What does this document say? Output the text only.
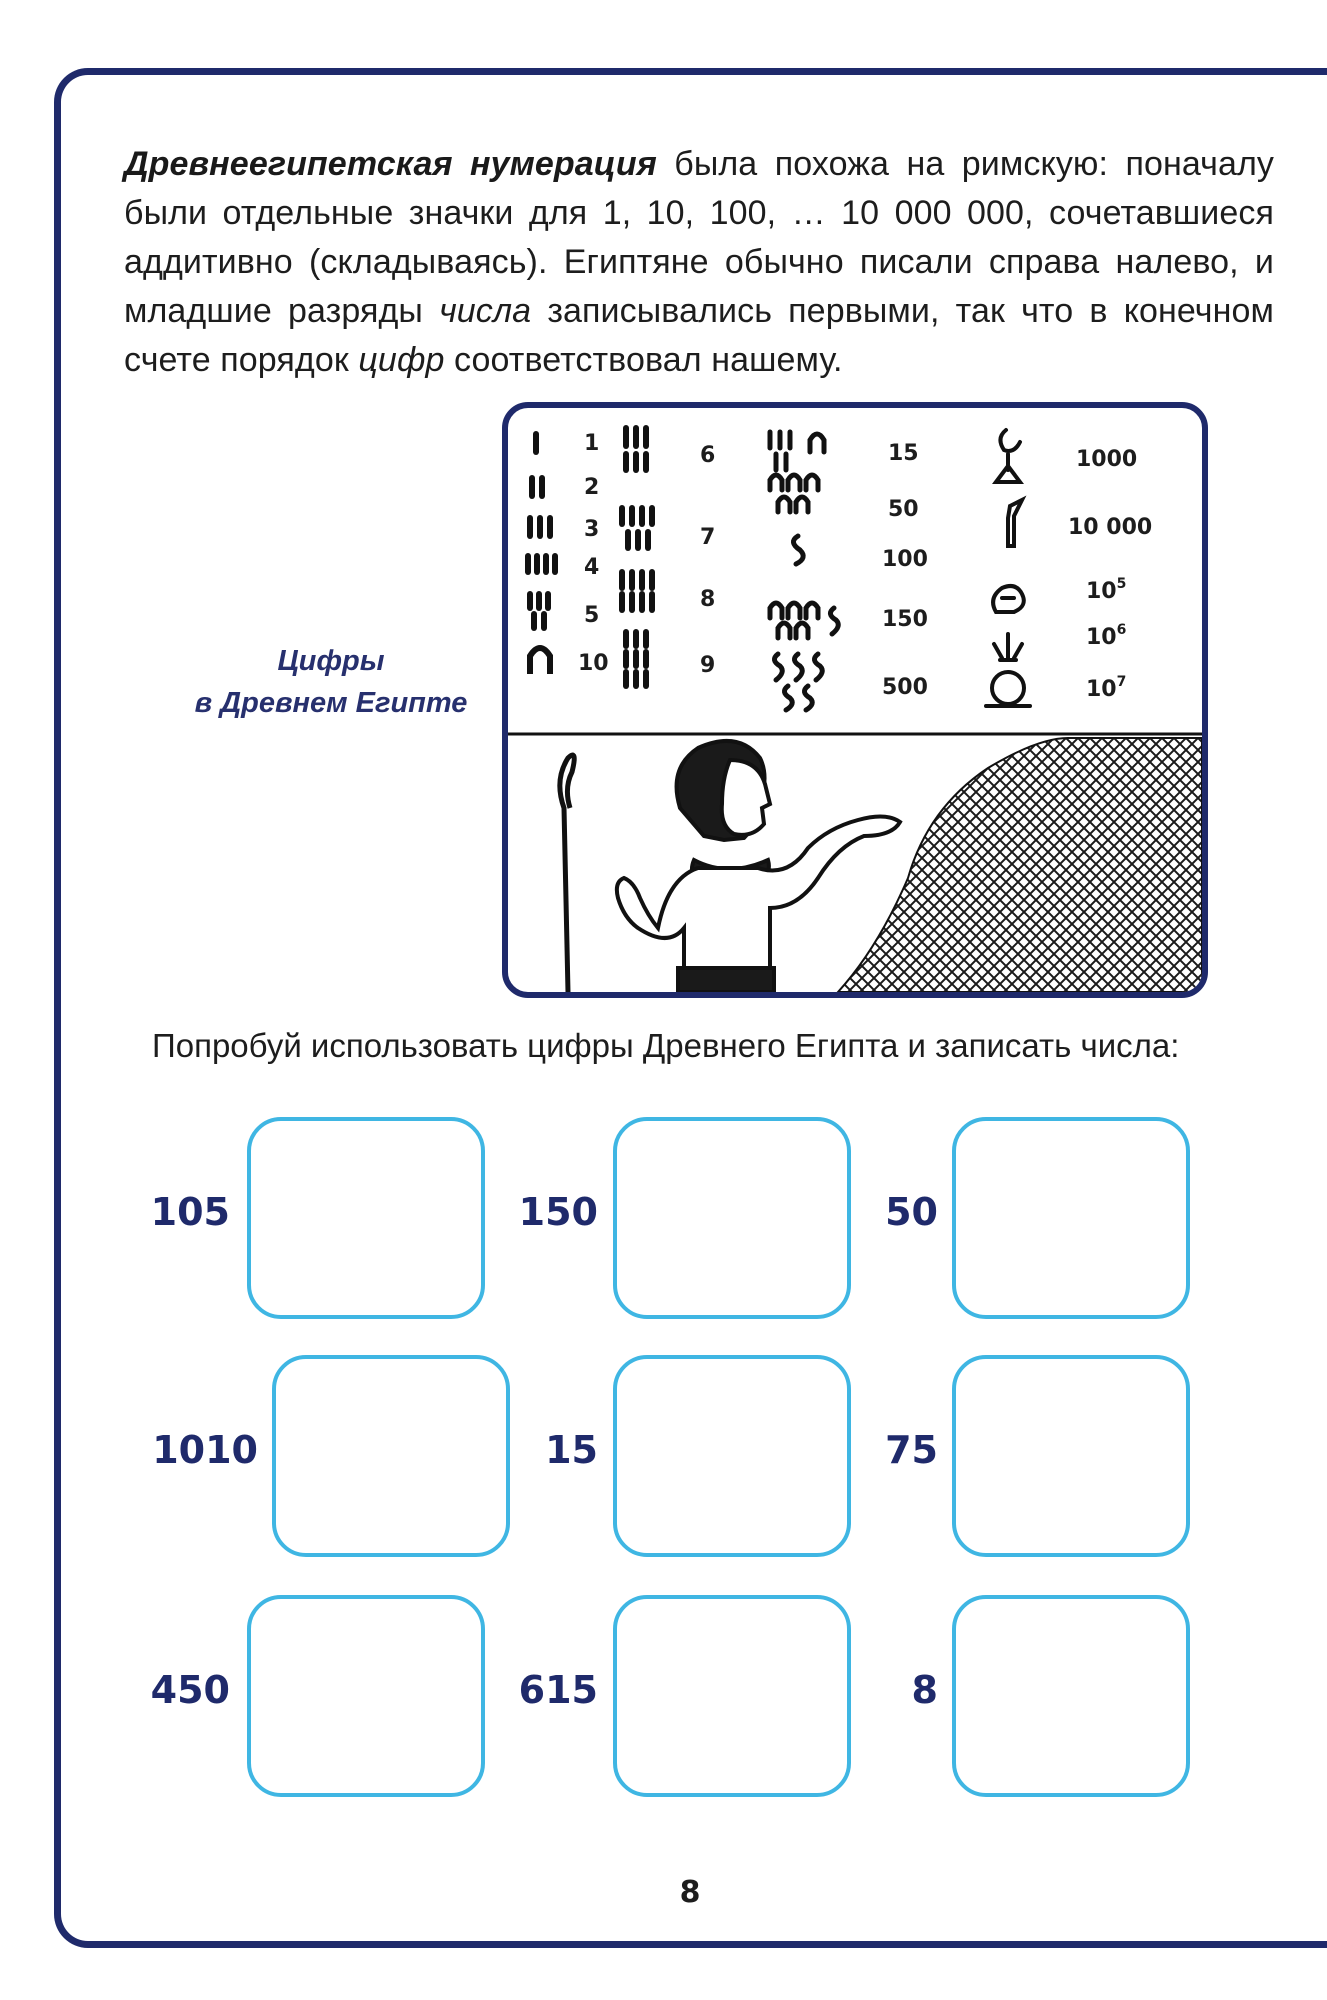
Древнеегипетская нумерация была похожа на римскую: поначалу были отдельные значки для 1, 10, 100, … 10 000 000, сочетавшиеся аддитивно (складываясь). Египтяне обычно писали справа налево, и младшие разряды числа записывались первыми, так что в конечном счете порядок цифр соответствовал нашему.

Цифры
в Древнем Египте
1
2
3
4
5
10
6
7
8
9
15
50
100
150
500
1000
10 000
$10^5$
$10^6$
$10^7$
Попробуй использовать цифры Древнего Египта и записать числа:
105	150	50
1010	15	75
450	615	8
8
